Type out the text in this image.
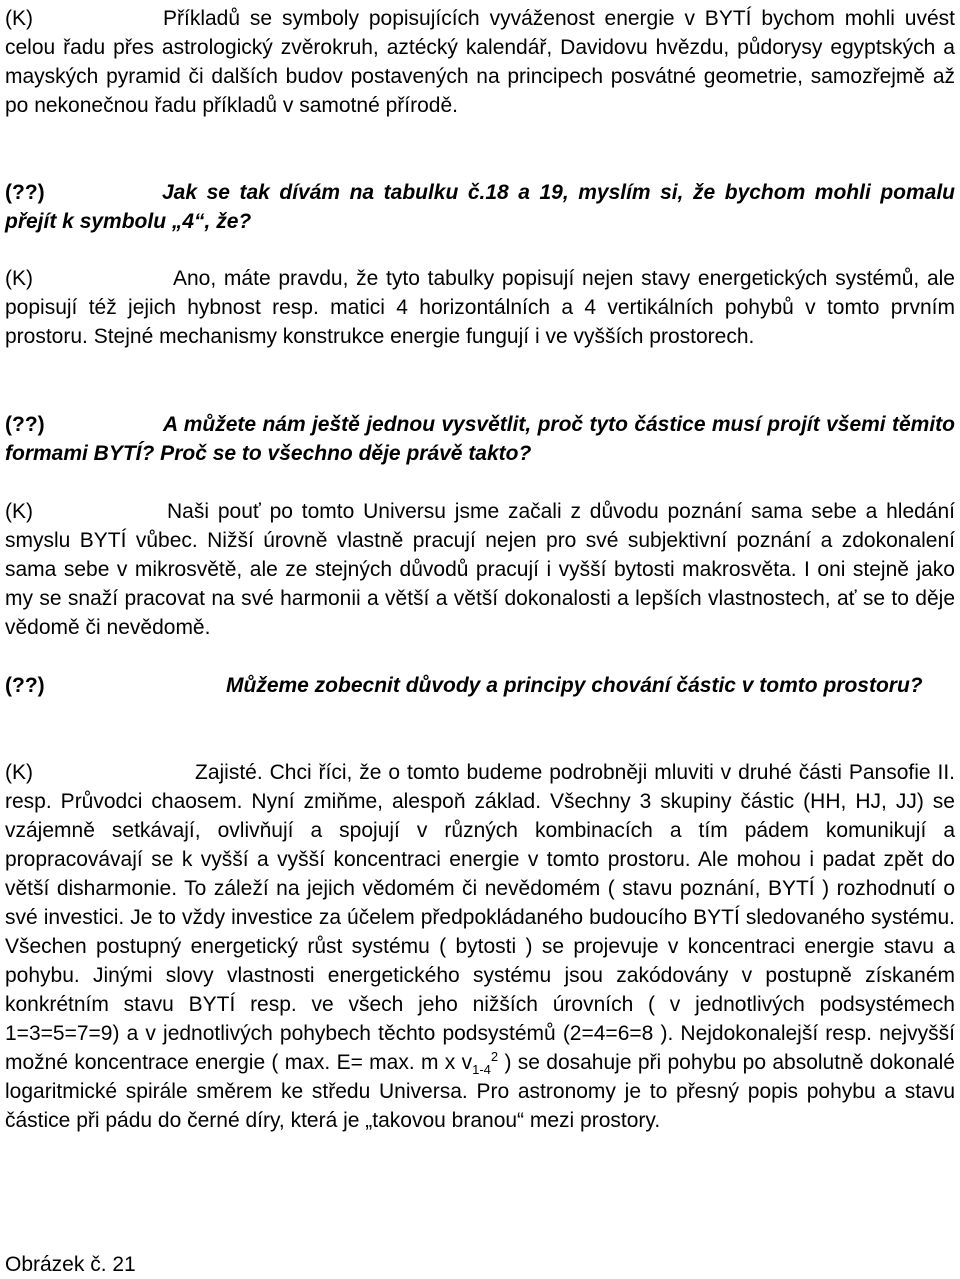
(K)	Příkladů se symboly popisujících vyváženost energie v BYTÍ bychom mohli uvést celou řadu přes astrologický zvěrokruh, aztécký kalendář, Davidovu hvězdu, půdorysy egyptských a mayských pyramid či dalších budov postavených na principech posvátné geometrie, samozřejmě až po nekonečnou řadu příkladů v samotné přírodě.

(??)	Jak se tak dívám na tabulku č.18 a 19, myslím si, že bychom mohli pomalu přejít k symbolu „4“, že?

(K)	Ano, máte pravdu, že tyto tabulky popisují nejen stavy energetických systémů, ale popisují též jejich hybnost resp. matici 4 horizontálních a 4 vertikálních pohybů v tomto prvním prostoru. Stejné mechanismy konstrukce energie fungují i ve vyšších prostorech.

(??)	A můžete nám ještě jednou vysvětlit, proč tyto částice musí projít všemi těmito formami BYTÍ? Proč se to všechno děje právě takto?

(K)	Naši pouť po tomto Universu jsme začali z důvodu poznání sama sebe a hledání smyslu BYTÍ vůbec. Nižší úrovně vlastně pracují nejen pro své subjektivní poznání a zdokonalení sama sebe v mikrosvětě, ale ze stejných důvodů pracují i vyšší bytosti makrosvěta. I oni stejně jako my se snaží pracovat na své harmonii a větší a větší dokonalosti a lepších vlastnostech, ať se to děje vědomě či nevědomě.

(??)	Můžeme zobecnit důvody a principy chování částic v tomto prostoru?

(K)	Zajisté. Chci říci, že o tomto budeme podrobněji mluviti v druhé části Pansofie II. resp. Průvodci chaosem. Nyní zmiňme, alespoň základ. Všechny 3 skupiny částic (HH, HJ, JJ) se vzájemně setkávají, ovlivňují a spojují v různých kombinacích a tím pádem komunikují a propracovávají se k vyšší a vyšší koncentraci energie v tomto prostoru. Ale mohou i padat zpět do větší disharmonie. To záleží na jejich vědomém či nevědomém ( stavu poznání, BYTÍ ) rozhodnutí o své investici. Je to vždy investice za účelem předpokládaného budoucího BYTÍ sledovaného systému. Všechen postupný energetický růst systému ( bytosti ) se projevuje v koncentraci energie stavu a pohybu. Jinými slovy vlastnosti energetického systému jsou zakódovány v postupně získaném konkrétním stavu BYTÍ resp. ve všech jeho nižších úrovních ( v jednotlivých podsystémech 1=3=5=7=9) a v jednotlivých pohybech těchto podsystémů (2=4=6=8 ). Nejdokonalejší resp. nejvyšší možné koncentrace energie ( max. E= max. m x $v_{1-4}^2$ ) se dosahuje při pohybu po absolutně dokonalé logaritmické spirále směrem ke středu Universa. Pro astronomy je to přesný popis pohybu a stavu částice při pádu do černé díry, která je „takovou branou“ mezi prostory.

Obrázek č. 21
